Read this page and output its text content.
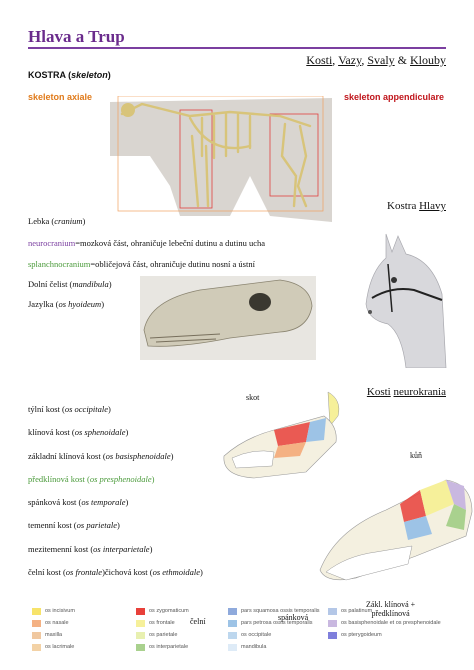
Hlava a Trup
Kosti, Vazy, Svaly & Klouby
KOSTRA (skeleton)
skeleton axiale	skeleton appendiculare
Kostra Hlavy
Lebka (cranium)
neurocranium=mozková část, ohraničuje lebeční dutinu a dutinu ucha
splanchnocranium=obličejová část, ohraničuje dutinu nosní a ústní
Dolní čelist (mandibula)
Jazylka (os hyoideum)
Kosti neurokrania
skot
kůň
týlní kost (os occipitale)
klínová kost (os sphenoidale)
základní klínová kost (os basisphenoidale)
předklínová kost (os presphenoidale)
spánková kost (os temporale)
temenní kost (os parietale)
mezitemenní kost (os interparietale)
čelní kost (os frontale)čichová kost (os ethmoidale)
os incisivum
os nasale
maxilla
os lacrimale
os zygomaticum
os frontale
os parietale
os interparietale
pars squamosa ossis temporalis
pars petrosa ossis temporalis
os occipitale
mandibula
os palatinum
os basisphenoidale et os presphenoidale
os pterygoideum
čelní	spánková
Zákl. klínová +
předklínová
